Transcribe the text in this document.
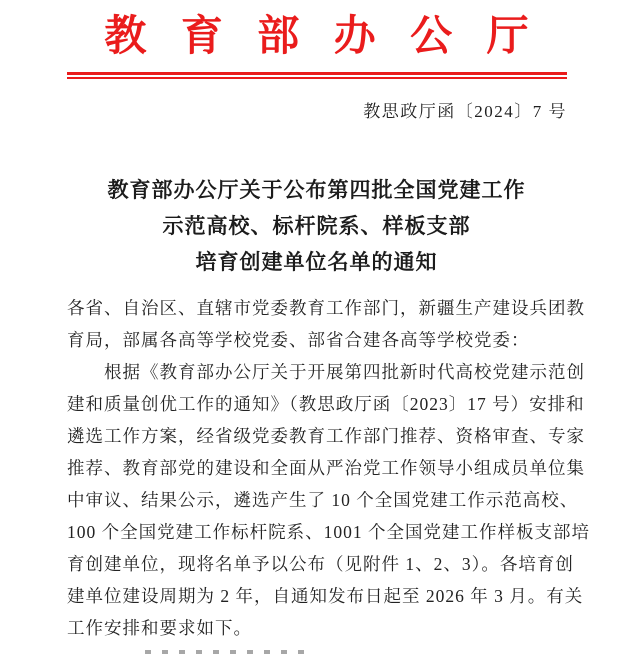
教育部办公厅
教思政厅函〔2024〕7 号
教育部办公厅关于公布第四批全国党建工作
示范高校、标杆院系、样板支部
培育创建单位名单的通知
各省、自治区、直辖市党委教育工作部门，新疆生产建设兵团教
育局，部属各高等学校党委、部省合建各高等学校党委：
根据《教育部办公厅关于开展第四批新时代高校党建示范创
建和质量创优工作的通知》（教思政厅函〔2023〕17 号）安排和
遴选工作方案，经省级党委教育工作部门推荐、资格审查、专家
推荐、教育部党的建设和全面从严治党工作领导小组成员单位集
中审议、结果公示，遴选产生了 10 个全国党建工作示范高校、
100 个全国党建工作标杆院系、1001 个全国党建工作样板支部培
育创建单位，现将名单予以公布（见附件 1、2、3）。各培育创
建单位建设周期为 2 年，自通知发布日起至 2026 年 3 月。有关
工作安排和要求如下。
